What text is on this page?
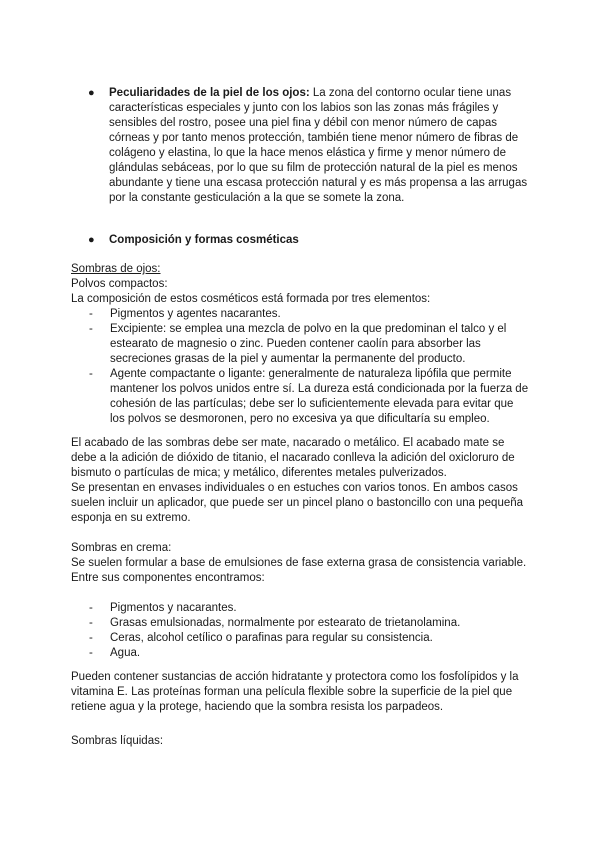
● Peculiaridades de la piel de los ojos: La zona del contorno ocular tiene unas características especiales y junto con los labios son las zonas más frágiles y sensibles del rostro, posee una piel fina y débil con menor número de capas córneas y por tanto menos protección, también tiene menor número de fibras de colágeno y elastina, lo que la hace menos elástica y firme y menor número de glándulas sebáceas, por lo que su film de protección natural de la piel es menos abundante y tiene una escasa protección natural y es más propensa a las arrugas por la constante gesticulación a la que se somete la zona.
● Composición y formas cosméticas
Sombras de ojos:
Polvos compactos:
La composición de estos cosméticos está formada por tres elementos:
- Pigmentos y agentes nacarantes.
- Excipiente: se emplea una mezcla de polvo en la que predominan el talco y el estearato de magnesio o zinc. Pueden contener caolín para absorber las secreciones grasas de la piel y aumentar la permanente del producto.
- Agente compactante o ligante: generalmente de naturaleza lipófila que permite mantener los polvos unidos entre sí. La dureza está condicionada por la fuerza de cohesión de las partículas; debe ser lo suficientemente elevada para evitar que los polvos se desmoronen, pero no excesiva ya que dificultaría su empleo.
El acabado de las sombras debe ser mate, nacarado o metálico. El acabado mate se debe a la adición de dióxido de titanio, el nacarado conlleva la adición del oxicloruro de bismuto o partículas de mica; y metálico, diferentes metales pulverizados.
Se presentan en envases individuales o en estuches con varios tonos. En ambos casos suelen incluir un aplicador, que puede ser un pincel plano o bastoncillo con una pequeña esponja en su extremo.
Sombras en crema:
Se suelen formular a base de emulsiones de fase externa grasa de consistencia variable. Entre sus componentes encontramos:
- Pigmentos y nacarantes.
- Grasas emulsionadas, normalmente por estearato de trietanolamina.
- Ceras, alcohol cetílico o parafinas para regular su consistencia.
- Agua.
Pueden contener sustancias de acción hidratante y protectora como los fosfolípidos y la vitamina E. Las proteínas forman una película flexible sobre la superficie de la piel que retiene agua y la protege, haciendo que la sombra resista los parpadeos.
Sombras líquidas:
